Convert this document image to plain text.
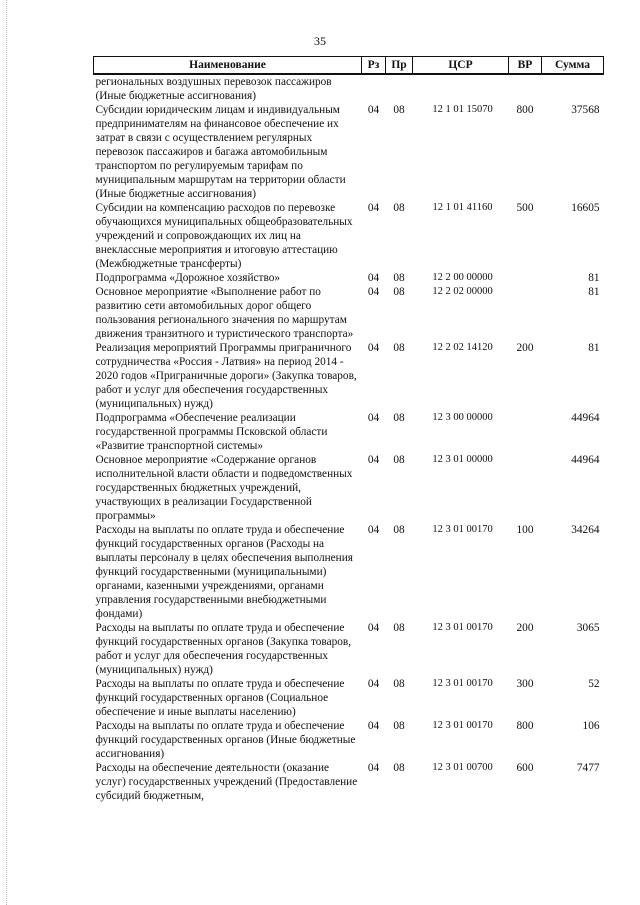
35
Наименование	Рз	Пр	ЦСР	ВР	Сумма
региональных воздушных перевозок пассажиров (Иные бюджетные ассигнования)					
Субсидии юридическим лицам и индивидуальным предпринимателям на финансовое обеспечение их затрат в связи с осуществлением регулярных перевозок пассажиров и багажа автомобильным транспортом по регулируемым тарифам по муниципальным маршрутам на территории области (Иные бюджетные ассигнования)	04	08	12 1 01 15070	800	37568
Субсидии на компенсацию расходов по перевозке обучающихся муниципальных общеобразовательных учреждений и сопровождающих их лиц на внеклассные мероприятия и итоговую аттестацию (Межбюджетные трансферты)	04	08	12 1 01 41160	500	16605
Подпрограмма «Дорожное хозяйство»	04	08	12 2 00 00000		81
Основное мероприятие «Выполнение работ по развитию сети автомобильных дорог общего пользования регионального значения по маршрутам движения транзитного и туристического транспорта»	04	08	12 2 02 00000		81
Реализация мероприятий Программы приграничного сотрудничества «Россия - Латвия» на период 2014 - 2020 годов «Приграничные дороги» (Закупка товаров, работ и услуг для обеспечения государственных (муниципальных) нужд)	04	08	12 2 02 14120	200	81
Подпрограмма «Обеспечение реализации государственной программы Псковской области «Развитие транспортной системы»	04	08	12 3 00 00000		44964
Основное мероприятие «Содержание органов исполнительной власти области и подведомственных государственных бюджетных учреждений, участвующих в реализации Государственной программы»	04	08	12 3 01 00000		44964
Расходы на выплаты по оплате труда и обеспечение функций государственных органов (Расходы на выплаты персоналу в целях обеспечения выполнения функций государственными (муниципальными) органами, казенными учреждениями, органами управления государственными внебюджетными фондами)	04	08	12 3 01 00170	100	34264
Расходы на выплаты по оплате труда и обеспечение функций государственных органов (Закупка товаров, работ и услуг для обеспечения государственных (муниципальных) нужд)	04	08	12 3 01 00170	200	3065
Расходы на выплаты по оплате труда и обеспечение функций государственных органов (Социальное обеспечение и иные выплаты населению)	04	08	12 3 01 00170	300	52
Расходы на выплаты по оплате труда и обеспечение функций государственных органов (Иные бюджетные ассигнования)	04	08	12 3 01 00170	800	106
Расходы на обеспечение деятельности (оказание услуг) государственных учреждений (Предоставление субсидий бюджетным,	04	08	12 3 01 00700	600	7477
